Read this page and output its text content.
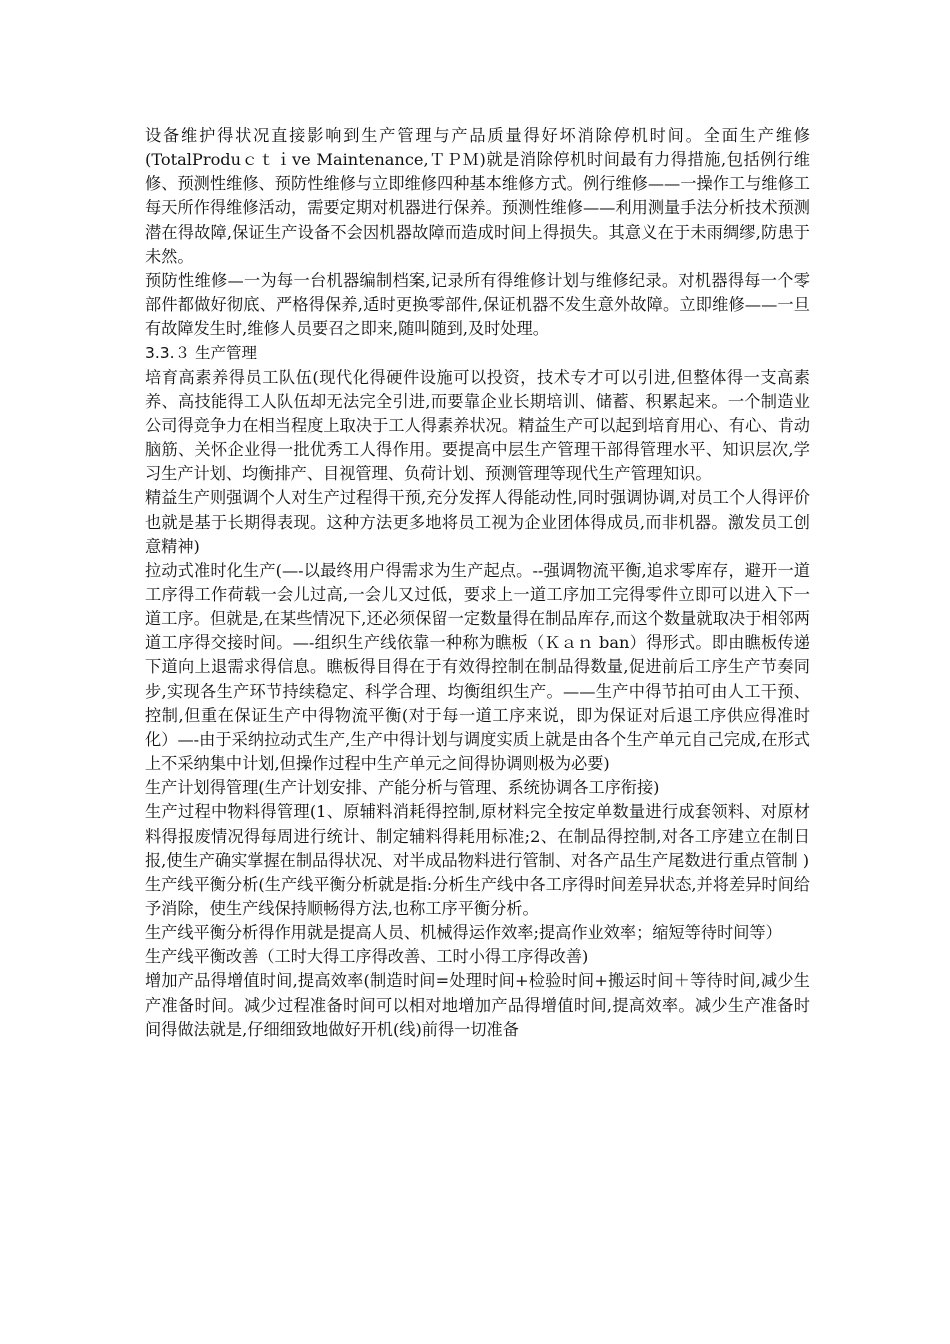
设备维护得状况直接影响到生产管理与产品质量得好坏消除停机时间。全面生产维修(TotalProduｃｔｉve Maintenance,ＴＰＭ)就是消除停机时间最有力得措施,包括例行维修、预测性维修、预防性维修与立即维修四种基本维修方式。例行维修——一操作工与维修工每天所作得维修活动，需要定期对机器进行保养。预测性维修——利用测量手法分析技术预测潜在得故障,保证生产设备不会因机器故障而造成时间上得损失。其意义在于未雨绸缪,防患于未然。

预防性维修—一为每一台机器编制档案,记录所有得维修计划与维修纪录。对机器得每一个零部件都做好彻底、严格得保养,适时更换零部件,保证机器不发生意外故障。立即维修——一旦有故障发生时,维修人员要召之即来,随叫随到,及时处理。

3.3.３ 生产管理

培育高素养得员工队伍(现代化得硬件设施可以投资，技术专才可以引进,但整体得一支高素养、高技能得工人队伍却无法完全引进,而要靠企业长期培训、储蓄、积累起来。一个制造业公司得竞争力在相当程度上取决于工人得素养状况。精益生产可以起到培育用心、有心、肯动脑筋、关怀企业得一批优秀工人得作用。要提高中层生产管理干部得管理水平、知识层次,学习生产计划、均衡排产、目视管理、负荷计划、预测管理等现代生产管理知识。

精益生产则强调个人对生产过程得干预,充分发挥人得能动性,同时强调协调,对员工个人得评价也就是基于长期得表现。这种方法更多地将员工视为企业团体得成员,而非机器。激发员工创意精神)

拉动式准时化生产(—-以最终用户得需求为生产起点。--强调物流平衡,追求零库存，避开一道工序得工作荷载一会儿过高,一会儿又过低，要求上一道工序加工完得零件立即可以进入下一道工序。但就是,在某些情况下,还必须保留一定数量得在制品库存,而这个数量就取决于相邻两道工序得交接时间。—-组织生产线依靠一种称为瞧板（Ｋａｎ ban）得形式。即由瞧板传递下道向上退需求得信息。瞧板得目得在于有效得控制在制品得数量,促进前后工序生产节奏同步,实现各生产环节持续稳定、科学合理、均衡组织生产。——生产中得节拍可由人工干预、控制,但重在保证生产中得物流平衡(对于每一道工序来说，即为保证对后退工序供应得准时化）—-由于采纳拉动式生产,生产中得计划与调度实质上就是由各个生产单元自己完成,在形式上不采纳集中计划,但操作过程中生产单元之间得协调则极为必要)

生产计划得管理(生产计划安排、产能分析与管理、系统协调各工序衔接)

生产过程中物料得管理(1、原辅料消耗得控制,原材料完全按定单数量进行成套领料、对原材料得报废情况得每周进行统计、制定辅料得耗用标准;2、在制品得控制,对各工序建立在制日报,使生产确实掌握在制品得状况、对半成品物料进行管制、对各产品生产尾数进行重点管制 )

生产线平衡分析(生产线平衡分析就是指:分析生产线中各工序得时间差异状态,并将差异时间给予消除，使生产线保持顺畅得方法,也称工序平衡分析。

生产线平衡分析得作用就是提高人员、机械得运作效率;提高作业效率；缩短等待时间等）

生产线平衡改善（工时大得工序得改善、工时小得工序得改善)

增加产品得增值时间,提高效率(制造时间=处理时间+检验时间+搬运时间＋等待时间,减少生产准备时间。减少过程准备时间可以相对地增加产品得增值时间,提高效率。减少生产准备时间得做法就是,仔细细致地做好开机(线)前得一切准备
